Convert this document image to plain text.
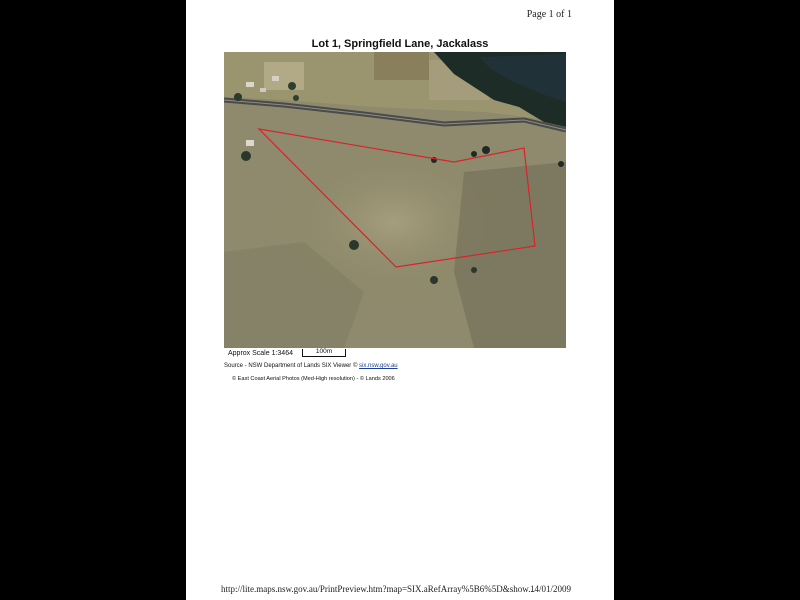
Page 1 of 1
Lot 1, Springfield Lane, Jackalass
Approx Scale 1:3464	100m
Source - NSW Department of Lands SIX Viewer © six.nsw.gov.au
© East Coast Aerial Photos (Med-High resolution) - © Lands 2006
http://lite.maps.nsw.gov.au/PrintPreview.htm?map=SIX.aRefArray%5B6%5D&show...
14/01/2009
